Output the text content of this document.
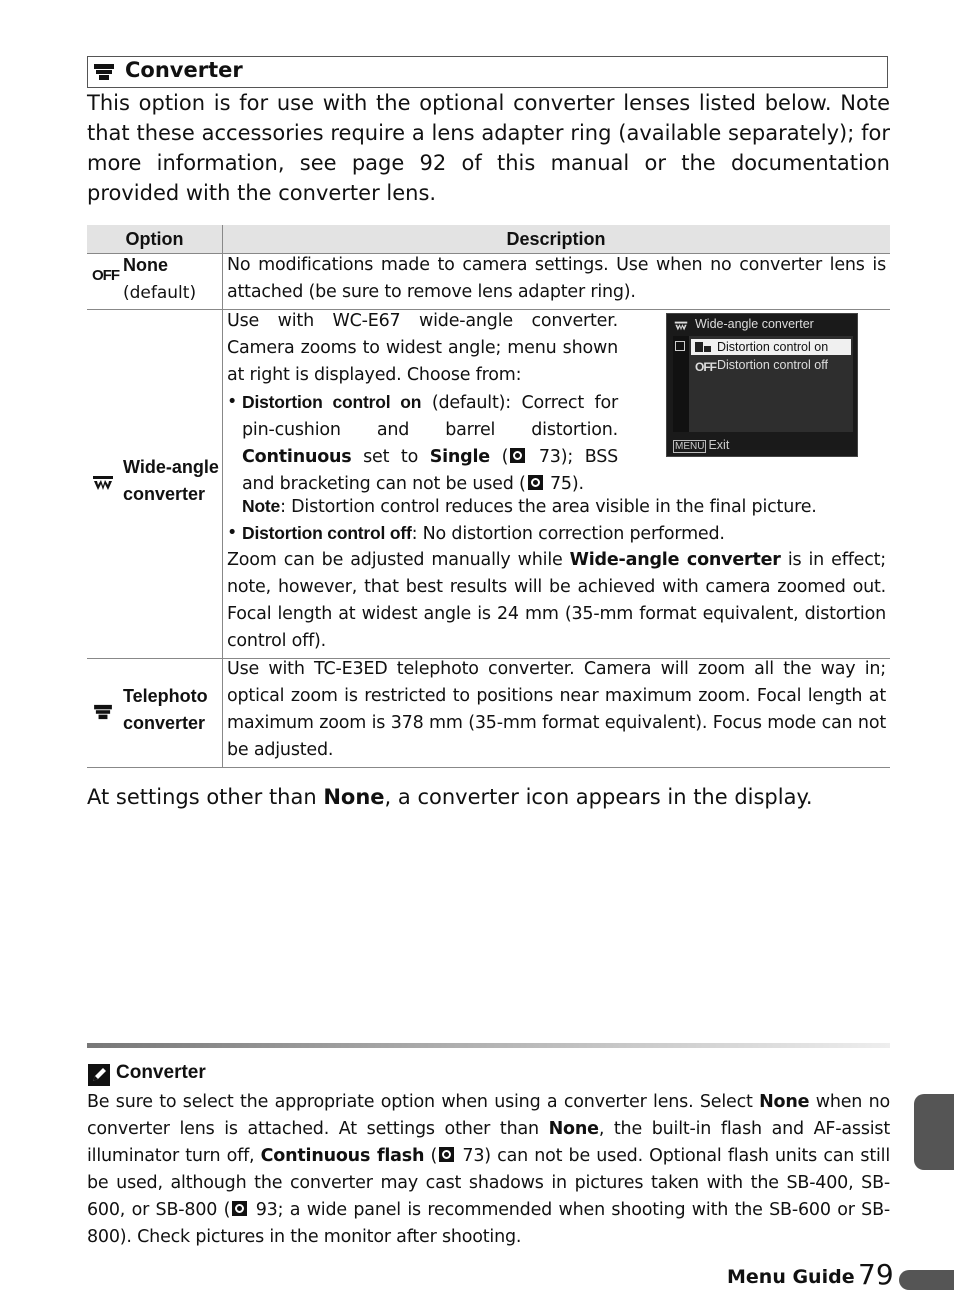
Converter
This option is for use with the optional converter lenses listed below. Note that these accessories require a lens adapter ring (available separately); for more information, see page 92 of this manual or the documentation provided with the converter lens.
Option	Description
OFF
None
(default)
No modifications made to camera settings. Use when no converter lens is attached (be sure to remove lens adapter ring).
Wide-angle
converter
Use with WC-E67 wide-angle converter. Camera zooms to widest angle; menu shown at right is displayed. Choose from:
• Distortion control on (default): Correct for pin-cushion and barrel distortion. Continuous set to Single ( 73); BSS and bracketing can not be used ( 75).
Note: Distortion control reduces the area visible in the final picture.
• Distortion control off: No distortion correction performed.
Zoom can be adjusted manually while Wide-angle converter is in effect; note, however, that best results will be achieved with camera zoomed out. Focal length at widest angle is 24 mm (35-mm format equivalent, distortion control off).
Telephoto
converter
Use with TC-E3ED telephoto converter. Camera will zoom all the way in; optical zoom is restricted to positions near maximum zoom. Focal length at maximum zoom is 378 mm (35-mm format equivalent). Focus mode can not be adjusted.
Wide-angle converter
Distortion control on
OFF Distortion control off
MENU Exit
At settings other than None, a converter icon appears in the display.
Converter
Be sure to select the appropriate option when using a converter lens. Select None when no converter lens is attached. At settings other than None, the built-in flash and AF-assist illuminator turn off, Continuous flash ( 73) can not be used. Optional flash units can still be used, although the converter may cast shadows in pictures taken with the SB-400, SB-600, or SB-800 ( 93; a wide panel is recommended when shooting with the SB-600 or SB-800). Check pictures in the monitor after shooting.
Menu Guide 79
